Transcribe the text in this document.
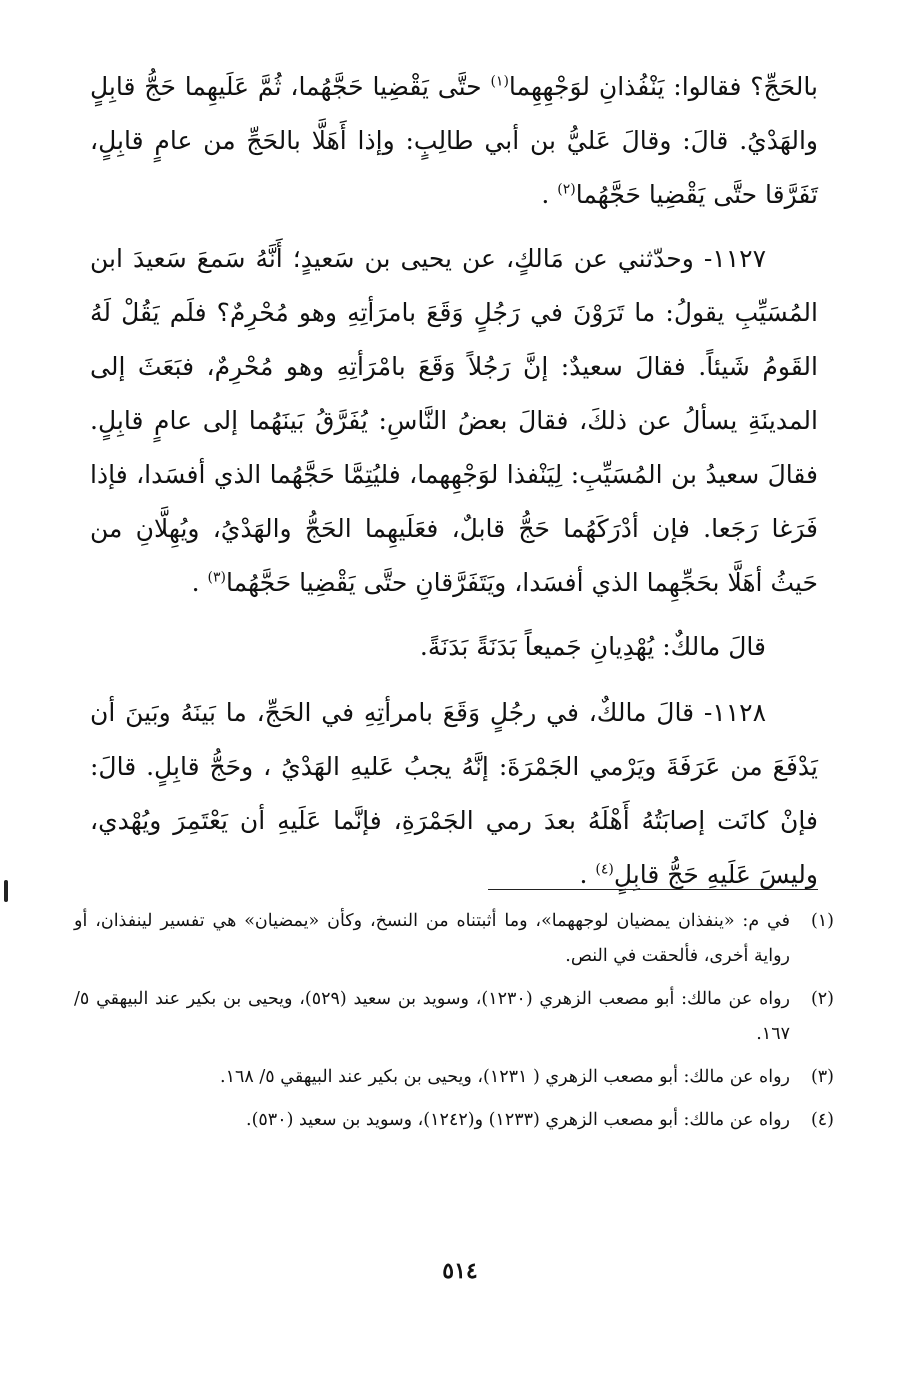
بالحَجِّ؟ فقالوا: يَنْفُذانِ لوَجْهِهِما$^{(١)}$ حتَّى يَقْضِيا حَجَّهُما، ثُمَّ عَلَيهِما حَجُّ قابِلٍ والهَدْيُ. قالَ: وقالَ عَليُّ بن أبي طالِبٍ: وإذا أَهَلَّا بالحَجِّ من عامٍ قابِلٍ، تَفَرَّقا حتَّى يَقْضِيا حَجَّهُما$^{(٢)}$ .

١١٢٧- وحدّثني عن مَالكٍ، عن يحيى بن سَعيدٍ؛ أَنَّهُ سَمعَ سَعيدَ ابن المُسَيِّبِ يقولُ: ما تَرَوْنَ في رَجُلٍ وَقَعَ بامرَأتِهِ وهو مُحْرِمٌ؟ فلَم يَقُلْ لَهُ القَومُ شَيئاً. فقالَ سعيدٌ: إنَّ رَجُلاً وَقَعَ بامْرَأتِهِ وهو مُحْرِمٌ، فبَعَثَ إلى المدينَةِ يسألُ عن ذلكَ، فقالَ بعضُ النَّاسِ: يُفَرَّقُ بَينَهُما إلى عامٍ قابِلٍ. فقالَ سعيدُ بن المُسَيِّبِ: لِيَنْفذا لوَجْهِهما، فليُتِمَّا حَجَّهُما الذي أفسَدا، فإذا فَرَغا رَجَعا. فإن أدْرَكَهُما حَجُّ قابلٌ، فعَلَيهِما الحَجُّ والهَدْيُ، ويُهِلَّانِ من حَيثُ أهَلَّا بحَجِّهِما الذي أفسَدا، ويَتَفَرَّقانِ حتَّى يَقْضِيا حَجَّهُما$^{(٣)}$ .

قالَ مالكٌ: يُهْدِيانِ جَميعاً بَدَنَةً بَدَنَةً.

١١٢٨- قالَ مالكٌ، في رجُلٍ وَقَعَ بامرأتِهِ في الحَجِّ، ما بَينَهُ وبَينَ أن يَدْفَعَ من عَرَفَةَ ويَرْمي الجَمْرَةَ: إنَّهُ يجبُ عَليهِ الهَدْيُ ، وحَجُّ قابِلٍ. قالَ: فإنْ كانَت إصابَتُهُ أَهْلَهُ بعدَ رمي الجَمْرَةِ، فإنَّما عَلَيهِ أن يَعْتَمِرَ ويُهْدي، وليسَ عَلَيهِ حَجُّ قابِلٍ$^{(٤)}$ .

(١)
في م: «ينفذان يمضيان لوجههما»، وما أثبتناه من النسخ، وكأن «يمضيان» هي تفسير لينفذان، أو رواية أخرى، فألحقت في النص.
(٢)
رواه عن مالك: أبو مصعب الزهري (١٢٣٠)، وسويد بن سعيد (٥٢٩)، ويحيى بن بكير عند البيهقي ٥/ ١٦٧.
(٣)
رواه عن مالك: أبو مصعب الزهري ( ١٢٣١)، ويحيى بن بكير عند البيهقي ٥/ ١٦٨.
(٤)
رواه عن مالك: أبو مصعب الزهري (١٢٣٣) و(١٢٤٢)، وسويد بن سعيد (٥٣٠).
٥١٤
